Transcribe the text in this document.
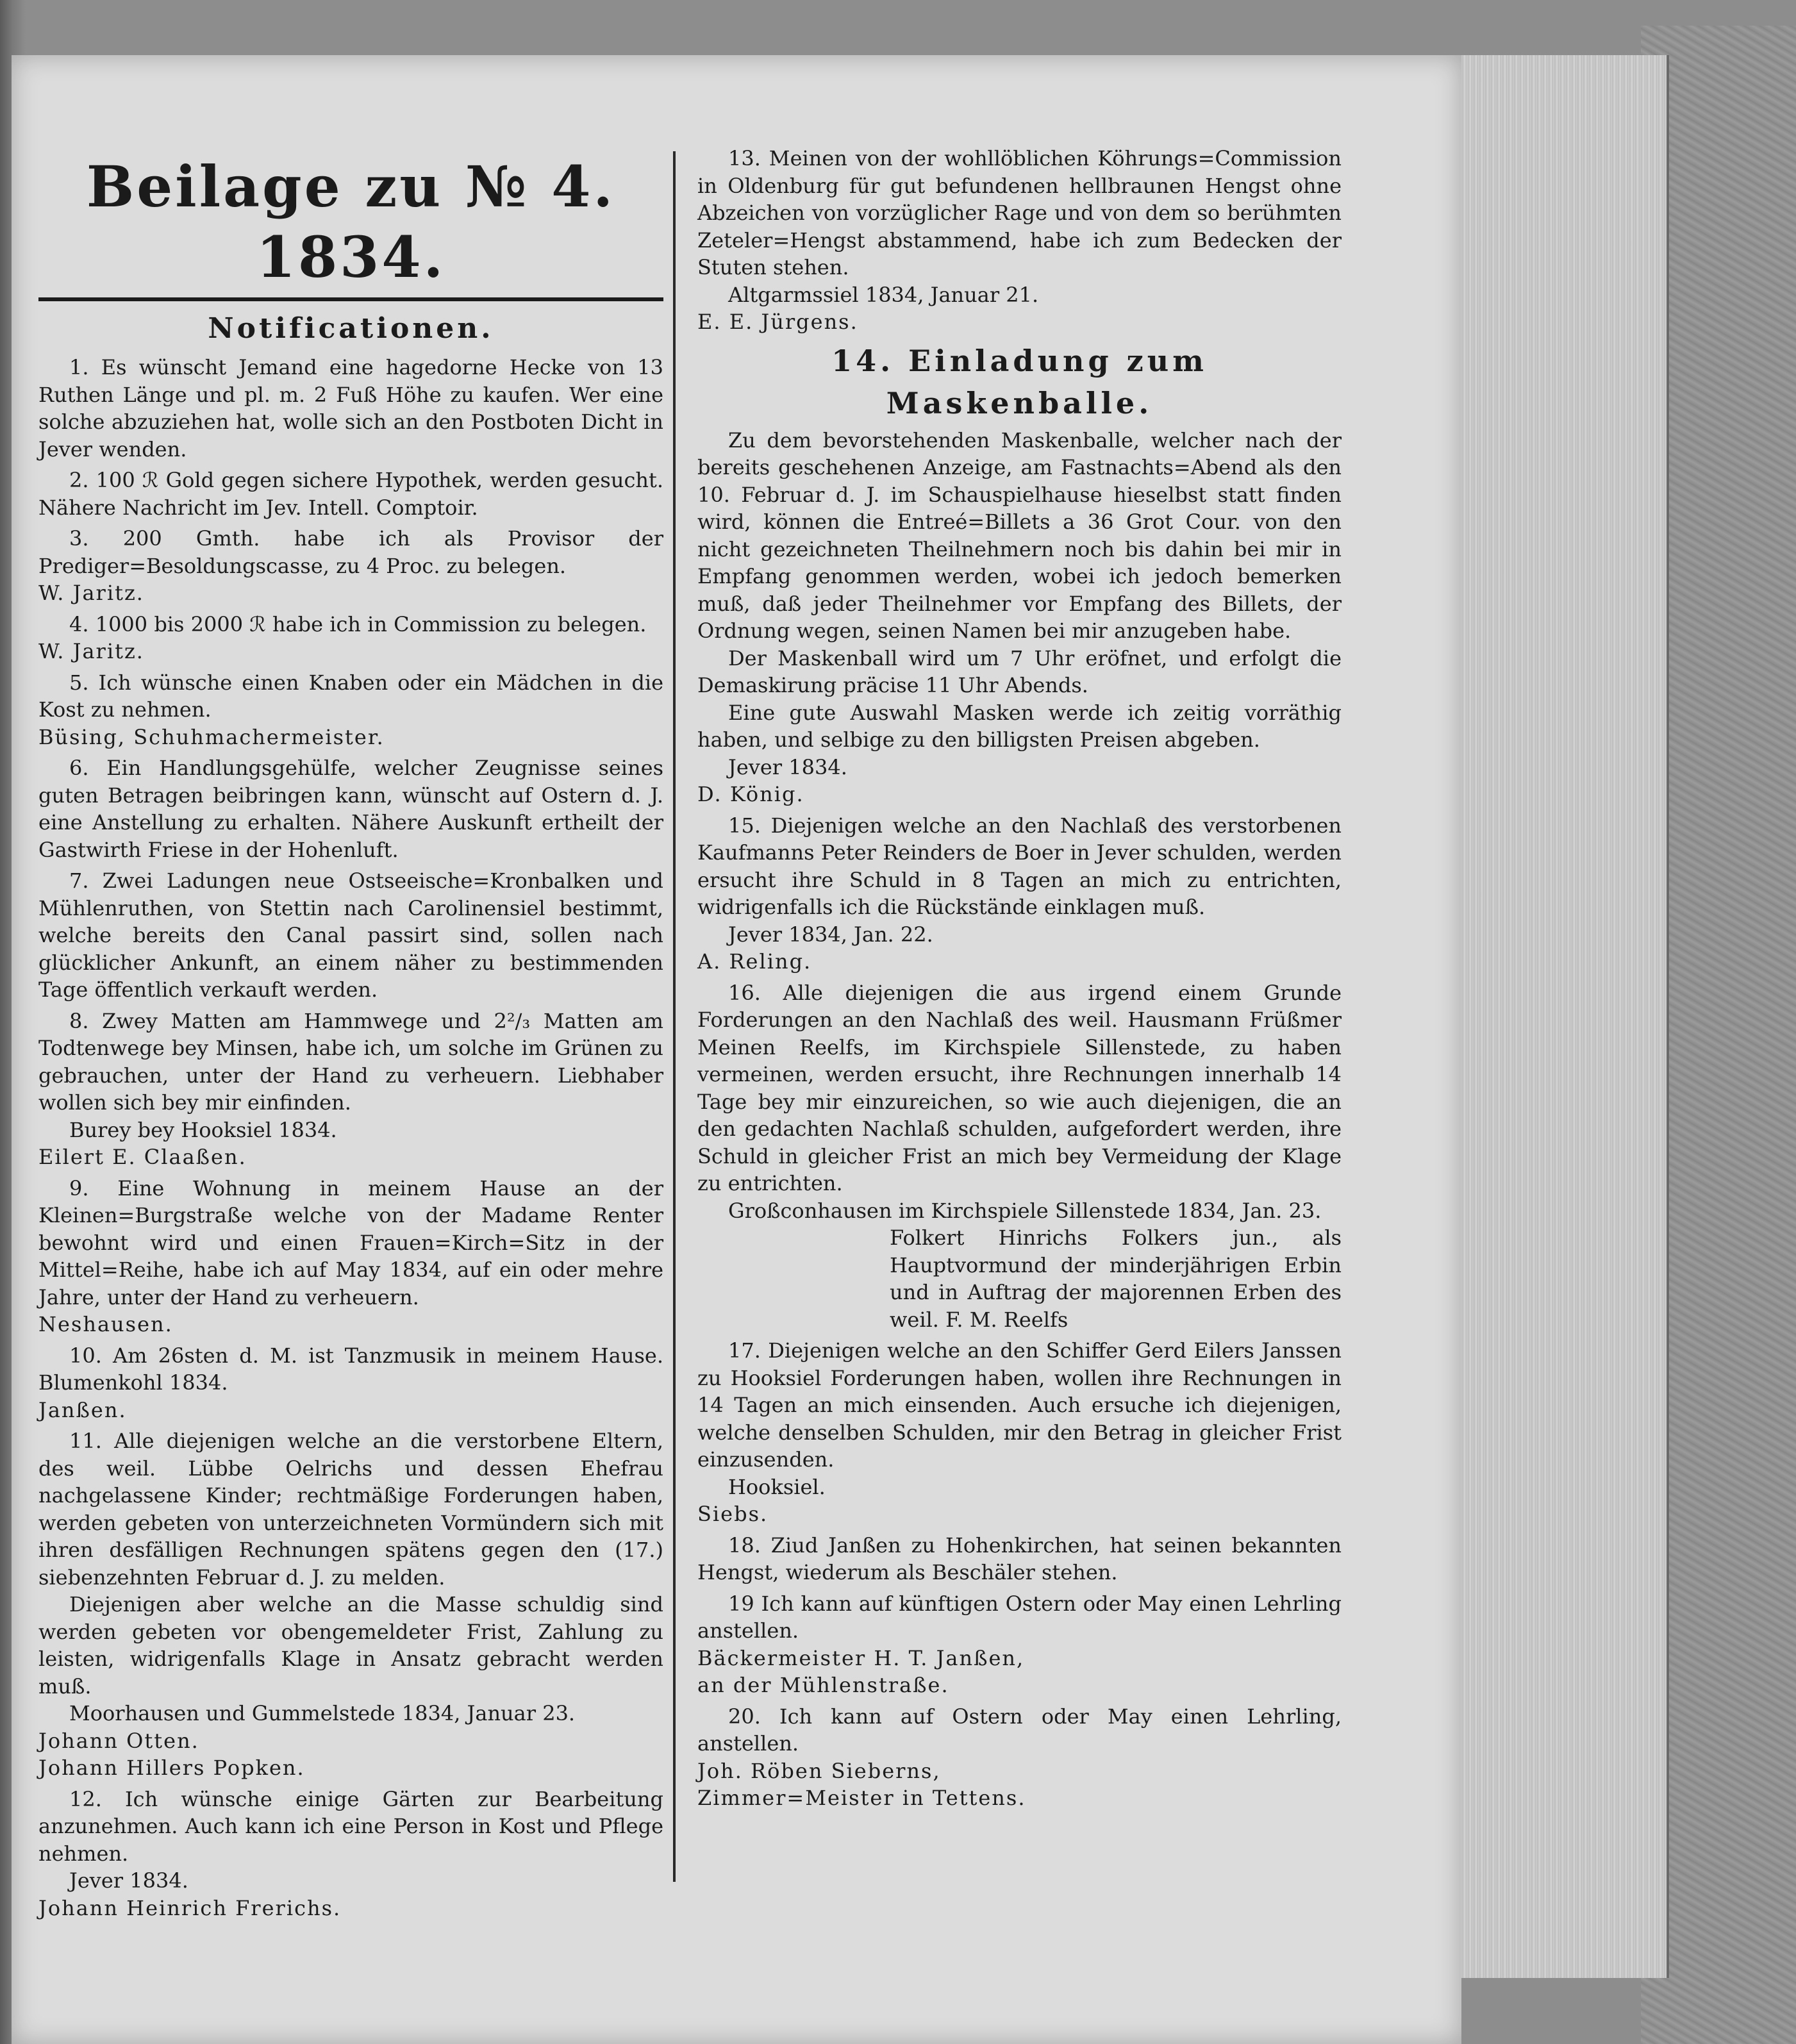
Beilage zu № 4. 1834.
Notificationen.

1. Es wünscht Jemand eine hagedorne Hecke von 13 Ruthen Länge und pl. m. 2 Fuß Höhe zu kaufen. Wer eine solche abzuziehen hat, wolle sich an den Postboten Dicht in Jever wenden.

2. 100 ℛ Gold gegen sichere Hypothek, werden gesucht. Nähere Nachricht im Jev. Intell. Comptoir.

3. 200 Gmth. habe ich als Provisor der Prediger=Besoldungscasse, zu 4 Proc. zu belegen.

W. Jaritz.

4. 1000 bis 2000 ℛ habe ich in Commission zu belegen.

W. Jaritz.

5. Ich wünsche einen Knaben oder ein Mädchen in die Kost zu nehmen.

Büsing, Schuhmachermeister.

6. Ein Handlungsgehülfe, welcher Zeugnisse seines guten Betragen beibringen kann, wünscht auf Ostern d. J. eine Anstellung zu erhalten. Nähere Auskunft ertheilt der Gastwirth Friese in der Hohenluft.

7. Zwei Ladungen neue Ostseeische=Kronbalken und Mühlenruthen, von Stettin nach Carolinensiel bestimmt, welche bereits den Canal passirt sind, sollen nach glücklicher Ankunft, an einem näher zu bestimmenden Tage öffentlich verkauft werden.

8. Zwey Matten am Hammwege und 2²/₃ Matten am Todtenwege bey Minsen, habe ich, um solche im Grünen zu gebrauchen, unter der Hand zu verheuern. Liebhaber wollen sich bey mir einfinden.

Burey bey Hooksiel 1834.

Eilert E. Claaßen.

9. Eine Wohnung in meinem Hause an der Kleinen=Burgstraße welche von der Madame Renter bewohnt wird und einen Frauen=Kirch=Sitz in der Mittel=Reihe, habe ich auf May 1834, auf ein oder mehre Jahre, unter der Hand zu verheuern.

Neshausen.

10. Am 26sten d. M. ist Tanzmusik in meinem Hause. Blumenkohl 1834.

Janßen.

11. Alle diejenigen welche an die verstorbene Eltern, des weil. Lübbe Oelrichs und dessen Ehefrau nachgelassene Kinder; rechtmäßige Forderungen haben, werden gebeten von unterzeichneten Vormündern sich mit ihren desfälligen Rechnungen spätens gegen den (17.) siebenzehnten Februar d. J. zu melden.

Diejenigen aber welche an die Masse schuldig sind werden gebeten vor obengemeldeter Frist, Zahlung zu leisten, widrigenfalls Klage in Ansatz gebracht werden muß.

Moorhausen und Gummelstede 1834, Januar 23.

Johann Otten.

Johann Hillers Popken.

12. Ich wünsche einige Gärten zur Bearbeitung anzunehmen. Auch kann ich eine Person in Kost und Pflege nehmen.

Jever 1834.

Johann Heinrich Frerichs.

13. Meinen von der wohllöblichen Köhrungs=Commission in Oldenburg für gut befundenen hellbraunen Hengst ohne Abzeichen von vorzüglicher Rage und von dem so berühmten Zeteler=Hengst abstammend, habe ich zum Bedecken der Stuten stehen.

Altgarmssiel 1834, Januar 21.

E. E. Jürgens.

14. Einladung zum Maskenballe.

Zu dem bevorstehenden Maskenballe, welcher nach der bereits geschehenen Anzeige, am Fastnachts=Abend als den 10. Februar d. J. im Schauspielhause hieselbst statt finden wird, können die Entreé=Billets a 36 Grot Cour. von den nicht gezeichneten Theilnehmern noch bis dahin bei mir in Empfang genommen werden, wobei ich jedoch bemerken muß, daß jeder Theilnehmer vor Empfang des Billets, der Ordnung wegen, seinen Namen bei mir anzugeben habe.

Der Maskenball wird um 7 Uhr eröfnet, und erfolgt die Demaskirung präcise 11 Uhr Abends.

Eine gute Auswahl Masken werde ich zeitig vorräthig haben, und selbige zu den billigsten Preisen abgeben.

Jever 1834.

D. König.

15. Diejenigen welche an den Nachlaß des verstorbenen Kaufmanns Peter Reinders de Boer in Jever schulden, werden ersucht ihre Schuld in 8 Tagen an mich zu entrichten, widrigenfalls ich die Rückstände einklagen muß.

Jever 1834, Jan. 22.

A. Reling.

16. Alle diejenigen die aus irgend einem Grunde Forderungen an den Nachlaß des weil. Hausmann Früßmer Meinen Reelfs, im Kirchspiele Sillenstede, zu haben vermeinen, werden ersucht, ihre Rechnungen innerhalb 14 Tage bey mir einzureichen, so wie auch diejenigen, die an den gedachten Nachlaß schulden, aufgefordert werden, ihre Schuld in gleicher Frist an mich bey Vermeidung der Klage zu entrichten.

Großconhausen im Kirchspiele Sillenstede 1834, Jan. 23.

Folkert Hinrichs Folkers jun., als Hauptvormund der minderjährigen Erbin und in Auftrag der majorennen Erben des weil. F. M. Reelfs

17. Diejenigen welche an den Schiffer Gerd Eilers Janssen zu Hooksiel Forderungen haben, wollen ihre Rechnungen in 14 Tagen an mich einsenden. Auch ersuche ich diejenigen, welche denselben Schulden, mir den Betrag in gleicher Frist einzusenden.

Hooksiel.

Siebs.

18. Ziud Janßen zu Hohenkirchen, hat seinen bekannten Hengst, wiederum als Beschäler stehen.

19 Ich kann auf künftigen Ostern oder May einen Lehrling anstellen.

Bäckermeister H. T. Janßen,

an der Mühlenstraße.

20. Ich kann auf Ostern oder May einen Lehrling, anstellen.

Joh. Röben Sieberns,

Zimmer=Meister in Tettens.
